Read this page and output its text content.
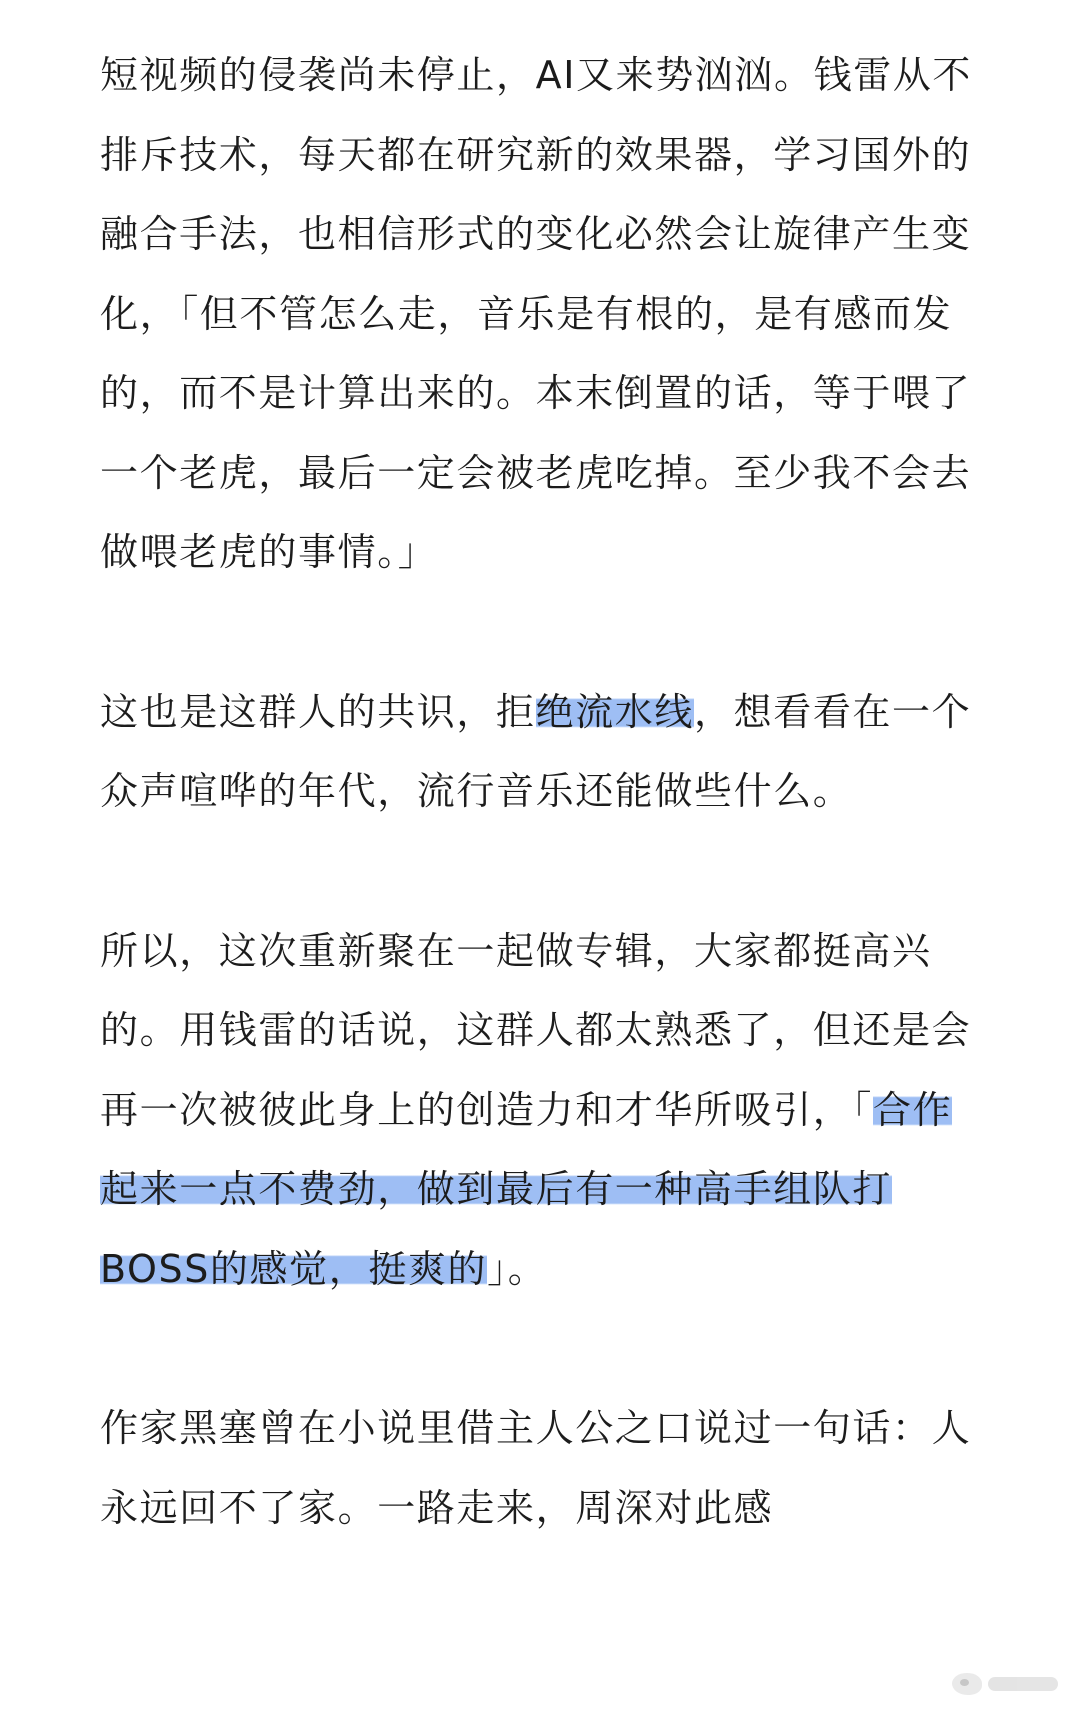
短视频的侵袭尚未停止，AI又来势汹汹。钱雷从不排斥技术，每天都在研究新的效果器，学习国外的融合手法，也相信形式的变化必然会让旋律产生变化，「但不管怎么走，音乐是有根的，是有感而发的，而不是计算出来的。本末倒置的话，等于喂了一个老虎，最后一定会被老虎吃掉。至少我不会去做喂老虎的事情。」

这也是这群人的共识，拒绝流水线，想看看在一个众声喧哗的年代，流行音乐还能做些什么。

所以，这次重新聚在一起做专辑，大家都挺高兴的。用钱雷的话说，这群人都太熟悉了，但还是会再一次被彼此身上的创造力和才华所吸引，「合作起来一点不费劲，做到最后有一种高手组队打BOSS的感觉，挺爽的」。

作家黑塞曾在小说里借主人公之口说过一句话：人永远回不了家。一路走来，周深对此感
